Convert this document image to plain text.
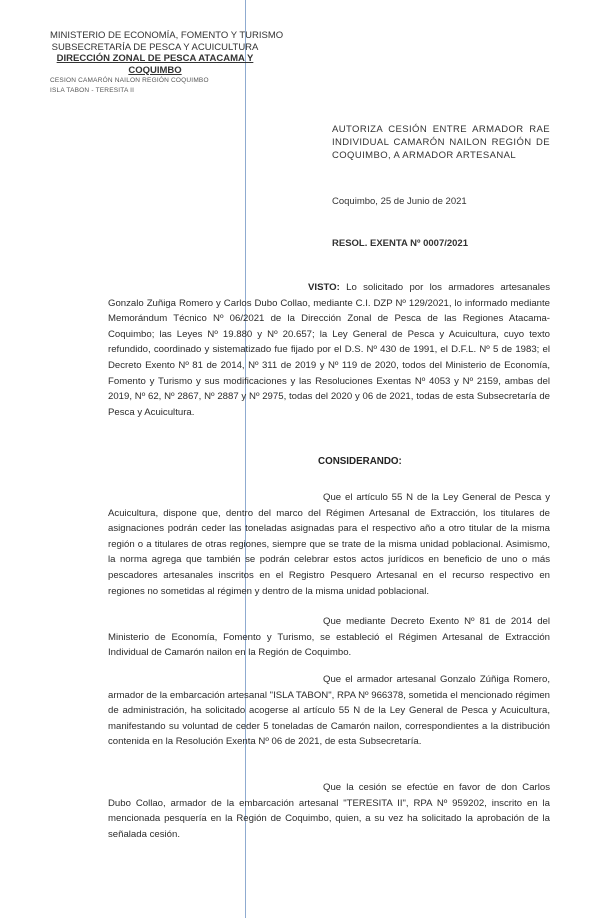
MINISTERIO DE ECONOMÍA, FOMENTO Y TURISMO
SUBSECRETARÍA DE PESCA Y ACUICULTURA
DIRECCIÓN ZONAL DE PESCA ATACAMA Y
COQUIMBO
CESION CAMARÓN NAILON REGIÓN COQUIMBO
ISLA TABON - TERESITA II
AUTORIZA CESIÓN ENTRE ARMADOR RAE INDIVIDUAL CAMARÓN NAILON REGIÓN DE COQUIMBO, A ARMADOR ARTESANAL
Coquimbo, 25 de Junio de 2021
RESOL. EXENTA Nº 0007/2021
VISTO: Lo solicitado por los armadores artesanales Gonzalo Zuñiga Romero y Carlos Dubo Collao, mediante C.I. DZP Nº 129/2021, lo informado mediante Memorándum Técnico Nº 06/2021 de la Dirección Zonal de Pesca de las Regiones Atacama-Coquimbo; las Leyes Nº 19.880 y Nº 20.657; la Ley General de Pesca y Acuicultura, cuyo texto refundido, coordinado y sistematizado fue fijado por el D.S. Nº 430 de 1991, el D.F.L. Nº 5 de 1983; el Decreto Exento Nº 81 de 2014, Nº 311 de 2019 y Nº 119 de 2020, todos del Ministerio de Economía, Fomento y Turismo y sus modificaciones y las Resoluciones Exentas Nº 4053 y Nº 2159, ambas del 2019, Nº 62, Nº 2867, Nº 2887 y Nº 2975, todas del 2020 y 06 de 2021, todas de esta Subsecretaría de Pesca y Acuicultura.
CONSIDERANDO:
Que el artículo 55 N de la Ley General de Pesca y Acuicultura, dispone que, dentro del marco del Régimen Artesanal de Extracción, los titulares de asignaciones podrán ceder las toneladas asignadas para el respectivo año a otro titular de la misma región o a titulares de otras regiones, siempre que se trate de la misma unidad poblacional. Asimismo, la norma agrega que también se podrán celebrar estos actos jurídicos en beneficio de uno o más pescadores artesanales inscritos en el Registro Pesquero Artesanal en el recurso respectivo en regiones no sometidas al régimen y dentro de la misma unidad poblacional.
Que mediante Decreto Exento Nº 81 de 2014 del Ministerio de Economía, Fomento y Turismo, se estableció el Régimen Artesanal de Extracción Individual de Camarón nailon en la Región de Coquimbo.
Que el armador artesanal Gonzalo Zúñiga Romero, armador de la embarcación artesanal "ISLA TABON", RPA Nº 966378, sometida el mencionado régimen de administración, ha solicitado acogerse al artículo 55 N de la Ley General de Pesca y Acuicultura, manifestando su voluntad de ceder 5 toneladas de Camarón nailon, correspondientes a la distribución contenida en la Resolución Exenta Nº 06 de 2021, de esta Subsecretaría.
Que la cesión se efectúe en favor de don Carlos Dubo Collao, armador de la embarcación artesanal "TERESITA II", RPA Nº 959202, inscrito en la mencionada pesquería en la Región de Coquimbo, quien, a su vez ha solicitado la aprobación de la señalada cesión.
